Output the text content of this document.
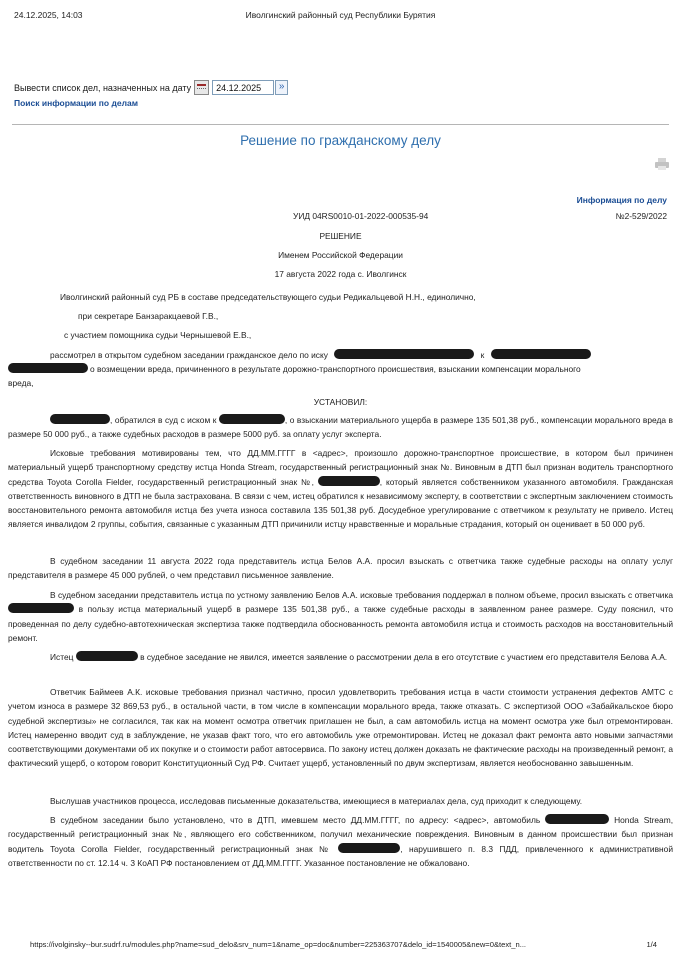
24.12.2025, 14:03	Иволгинский районный суд Республики Бурятия
Вывести список дел, назначенных на дату
24.12.2025	»
Поиск информации по делам
Решение по гражданскому делу
Информация по делу
УИД 04RS0010-01-2022-000535-94	№2-529/2022
РЕШЕНИЕ
Именем Российской Федерации
17 августа 2022 года с. Иволгинск
Иволгинский районный суд РБ в составе председательствующего судьи Редикальцевой Н.Н., единолично,
при секретаре Банзаракцаевой Г.В.,
с участием помощника судьи Чернышевой Е.В.,
рассмотрел в открытом судебном заседании гражданское дело по иску	к
о возмещении вреда, причиненного в результате дорожно-транспортного происшествия, взыскании компенсации морального
вреда,
УСТАНОВИЛ:
, обратился в суд с иском к	, о взыскании материального ущерба в размере 135 501,38 руб., компенсации морального вреда в размере 50 000 руб., а также судебных расходов в размере 5000 руб. за оплату услуг эксперта.
Исковые требования мотивированы тем, что ДД.ММ.ГГГГ в <адрес>, произошло дорожно-транспортное происшествие, в котором был причинен материальный ущерб транспортному средству истца Honda Stream, государственный регистрационный знак №. Виновным в ДТП был признан водитель транспортного средства Toyota Corolla Fielder, государственный регистрационный знак №,	, который является собственником указанного автомобиля. Гражданская ответственность виновного в ДТП не была застрахована. В связи с чем, истец обратился к независимому эксперту, в соответствии с экспертным заключением стоимость восстановительного ремонта автомобиля истца без учета износа составила 135 501,38 руб. Досудебное урегулирование с ответчиком к результату не привело. Истец является инвалидом 2 группы, события, связанные с указанным ДТП причинили истцу нравственные и моральные страдания, который он оценивает в 50 000 руб.
В судебном заседании 11 августа 2022 года представитель истца Белов А.А. просил взыскать с ответчика также судебные расходы на оплату услуг представителя в размере 45 000 рублей, о чем представил письменное заявление.
В судебном заседании представитель истца по устному заявлению Белов А.А. исковые требования поддержал в полном объеме, просил взыскать с ответчика  в пользу истца материальный ущерб в размере 135 501,38 руб., а также судебные расходы в заявленном ранее размере. Суду пояснил, что проведенная по делу судебно-автотехническая экспертиза также подтвердила обоснованность ремонта автомобиля истца и стоимость расходов на восстановительный ремонт.
Истец	в судебное заседание не явился, имеется заявление о рассмотрении дела в его отсутствие с участием его представителя Белова А.А.
Ответчик Баймеев А.К. исковые требования признал частично, просил удовлетворить требования истца в части стоимости устранения дефектов АМТС с учетом износа в размере 32 869,53 руб., в остальной части, в том числе в компенсации морального вреда, также отказать. С экспертизой ООО «Забайкальское бюро судебной экспертизы» не согласился, так как на момент осмотра ответчик приглашен не был, а сам автомобиль истца на момент осмотра уже был отремонтирован. Истец намеренно вводит суд в заблуждение, не указав факт того, что его автомобиль уже отремонтирован. Истец не доказал факт ремонта авто новыми запчастями соответствующими документами об их покупке и о стоимости работ автосервиса. По закону истец должен доказать не фактические расходы на произведенный ремонт, а фактический ущерб, о котором говорит Конституционный Суд РФ. Считает ущерб, установленный по двум экспертизам, является необоснованно завышенным.
Выслушав участников процесса, исследовав письменные доказательства, имеющиеся в материалах дела, суд приходит к следующему.
В судебном заседании было установлено, что в ДТП, имевшем место ДД.ММ.ГГГГ, по адресу: <адрес>, автомобиль	Honda Stream, государственный регистрационный знак №, являющего его собственником, получил механические повреждения. Виновным в данном происшествии был признан водитель Toyota Corolla Fielder, государственный регистрационный знак №	, нарушившего п. 8.3 ПДД, привлеченного к административной ответственности по ст. 12.14 ч. 3 КоАП РФ постановлением от ДД.ММ.ГГГГ. Указанное постановление не обжаловано.
https://ivolginsky--bur.sudrf.ru/modules.php?name=sud_delo&srv_num=1&name_op=doc&number=225363707&delo_id=1540005&new=0&text_n...	1/4
